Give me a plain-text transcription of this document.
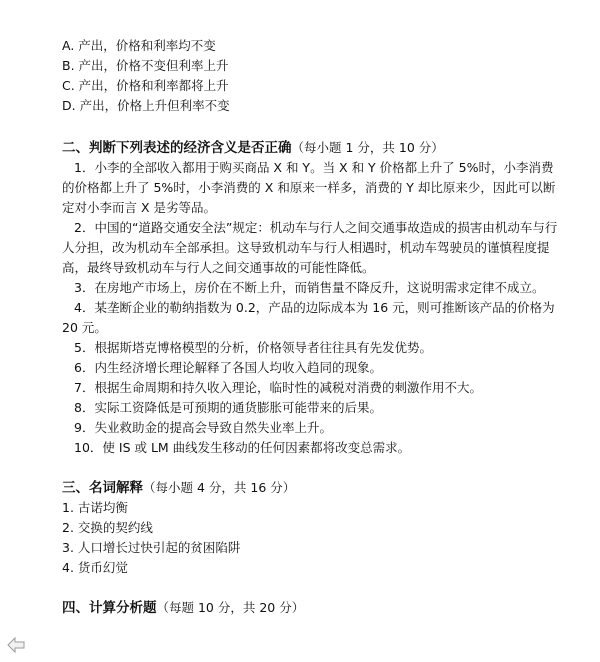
A. 产出，价格和利率均不变
B. 产出，价格不变但利率上升
C. 产出，价格和利率都将上升
D. 产出，价格上升但利率不变

二、判断下列表述的经济含义是否正确（每小题 1 分，共 10 分）

1．小李的全部收入都用于购买商品 X 和 Y。当 X 和 Y 价格都上升了 5%时，小李消费的价格都上升了 5%时，小李消费的 X 和原来一样多，消费的 Y 却比原来少，因此可以断定对小李而言 X 是劣等品。

2．中国的“道路交通安全法”规定：机动车与行人之间交通事故造成的损害由机动车与行人分担，改为机动车全部承担。这导致机动车与行人相遇时，机动车驾驶员的谨慎程度提高，最终导致机动车与行人之间交通事故的可能性降低。

3．在房地产市场上，房价在不断上升，而销售量不降反升，这说明需求定律不成立。

4．某垄断企业的勒纳指数为 0.2，产品的边际成本为 16 元，则可推断该产品的价格为 20 元。

5．根据斯塔克博格模型的分析，价格领导者往往具有先发优势。

6．内生经济增长理论解释了各国人均收入趋同的现象。

7．根据生命周期和持久收入理论，临时性的减税对消费的刺激作用不大。

8．实际工资降低是可预期的通货膨胀可能带来的后果。

9．失业救助金的提高会导致自然失业率上升。

10．使 IS 或 LM 曲线发生移动的任何因素都将改变总需求。

三、名词解释（每小题 4 分，共 16 分）

1. 古诺均衡
2. 交换的契约线
3. 人口增长过快引起的贫困陷阱
4. 货币幻觉

四、计算分析题（每题 10 分，共 20 分）
